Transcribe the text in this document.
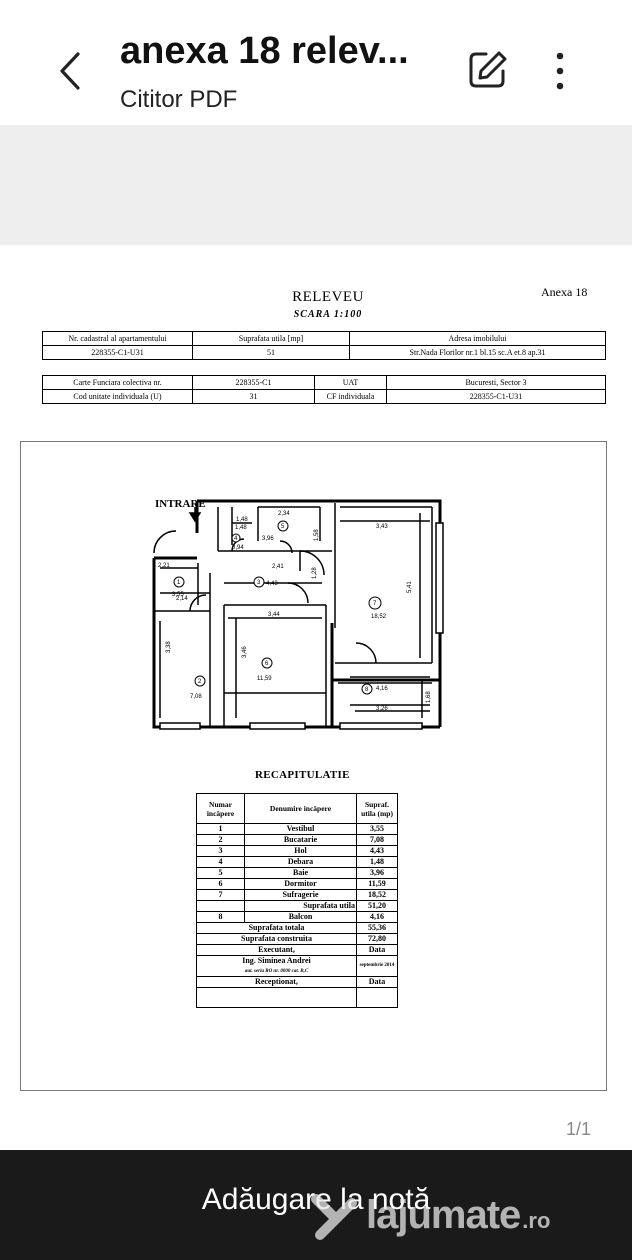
anexa 18 relev...
Cititor PDF
Anexa 18
RELEVEU
SCARA 1:100
Nr. cadastral al apartamentului	Suprafata utila [mp]	Adresa imobilului
228355-C1-U31	51	Str.Nada Florilor nr.1 bl.15 sc.A et.8 ap.31
Carte Funciara colectiva nr.	228355-C1	UAT	Bucuresti, Sector 3
Cod unitate individuala (U)	31	CF individuala	228355-C1-U31
INTRARE
1
3,55
2
7,08
3 4,43
4
1,48	5
3,96
6
11,59
7
18,52
8
2,34
3,43
2,21	2,41
2,14
3,44
3,38	3,46
5,41
4,16
3,26
1,68
1,48
0,94
1,58
1,28
RECAPITULATIE
Numar incăpere	Denumire incăpere	Supraf. utila (mp)
1	Vestibul	3,55
2	Bucatarie	7,08
3	Hol	4,43
4	Debara	1,48
5	Baie	3,96
6	Dormitor	11,59
7	Sufragerie	18,52
	Suprafata utila	51,20
8	Balcon	4,16
Suprafata totala		55,36
Suprafata construita		72,80
Executant,		Data
Ing. Siminea Andrei
aut. seria RO nr. 0000 cat. B,C		septembrie 2014
Receptionat,		Data

1/1
Adăugare la notă
lajumate .ro
